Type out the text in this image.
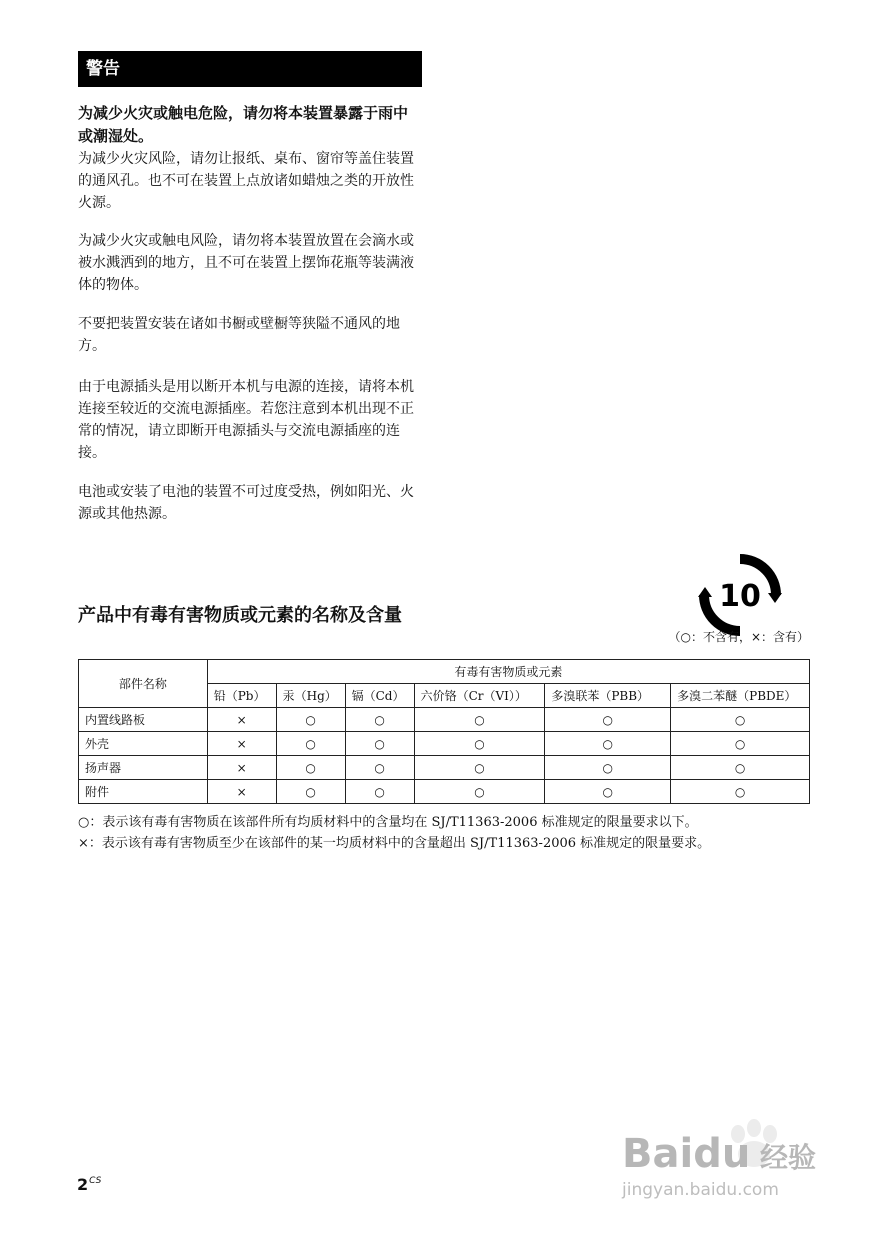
警告

为减少火灾或触电危险，请勿将本装置暴露于雨中或潮湿处。

为减少火灾风险，请勿让报纸、桌布、窗帘等盖住装置的通风孔。也不可在装置上点放诸如蜡烛之类的开放性火源。

为减少火灾或触电风险，请勿将本装置放置在会滴水或被水溅洒到的地方，且不可在装置上摆饰花瓶等装满液体的物体。

不要把装置安装在诸如书橱或壁橱等狭隘不通风的地方。

由于电源插头是用以断开本机与电源的连接，请将本机连接至较近的交流电源插座。若您注意到本机出现不正常的情况，请立即断开电源插头与交流电源插座的连接。

电池或安装了电池的装置不可过度受热，例如阳光、火源或其他热源。

10
产品中有毒有害物质或元素的名称及含量
（○：不含有，×：含有）
部件名称	有毒有害物质或元素					
	铅（Pb）	汞（Hg）	镉（Cd）	六价铬（Cr（VI））	多溴联苯（PBB）	多溴二苯醚（PBDE）
内置线路板	×	○	○	○	○	○
外壳	×	○	○	○	○	○
扬声器	×	○	○	○	○	○
附件	×	○	○	○	○	○
○：表示该有毒有害物质在该部件所有均质材料中的含量均在 SJ/T11363-2006 标准规定的限量要求以下。
×：表示该有毒有害物质至少在该部件的某一均质材料中的含量超出 SJ/T11363-2006 标准规定的限量要求。
$2^{CS}$
Baidu 经验
jingyan.baidu.com
